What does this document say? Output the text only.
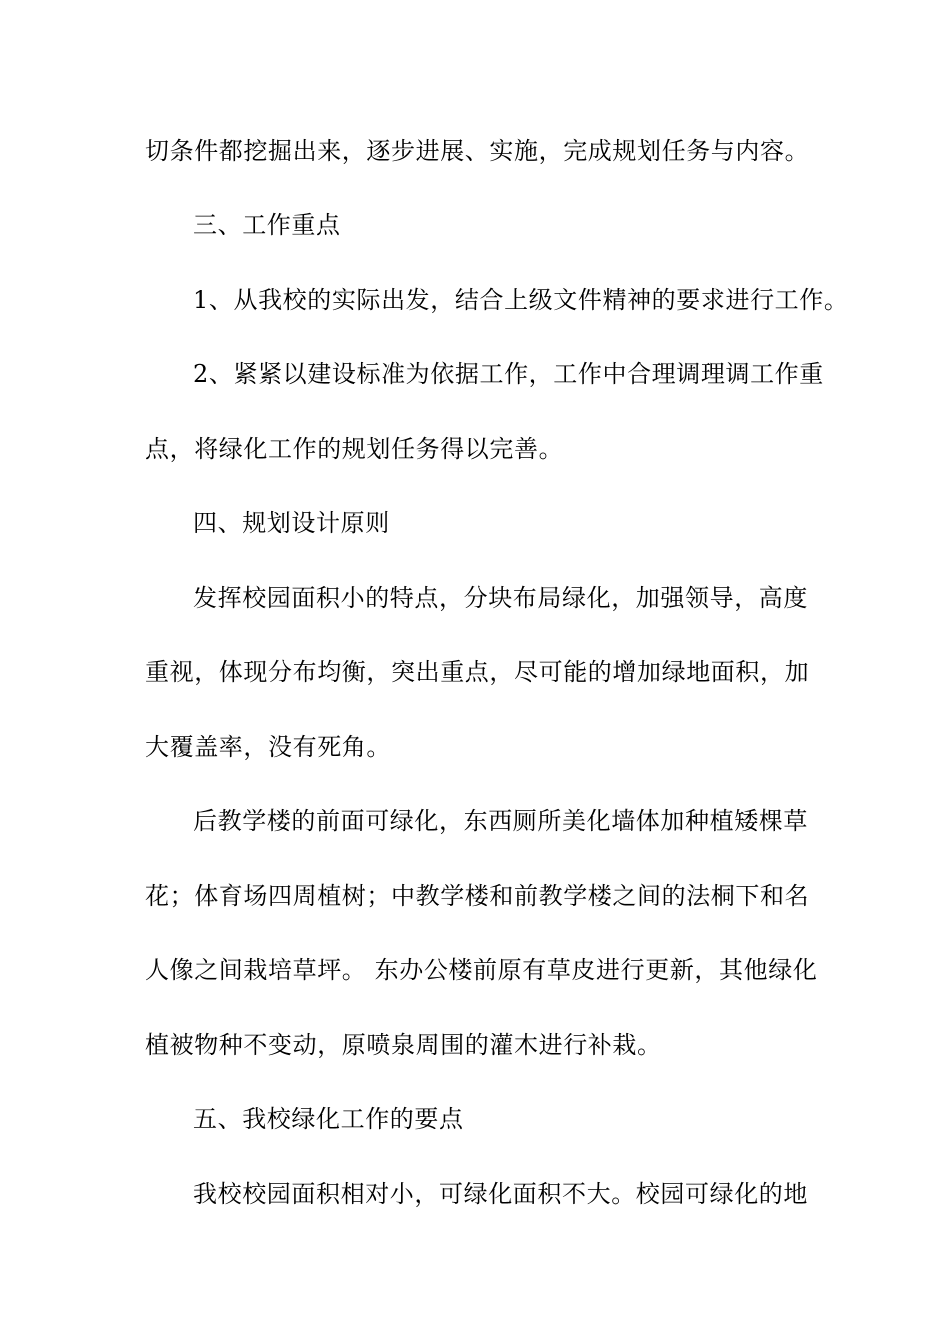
切条件都挖掘出来，逐步进展、实施，完成规划任务与内容。
三、工作重点
1、从我校的实际出发，结合上级文件精神的要求进行工作。
2、紧紧以建设标准为依据工作，工作中合理调理调工作重
点，将绿化工作的规划任务得以完善。
四、规划设计原则
发挥校园面积小的特点，分块布局绿化，加强领导，高度
重视，体现分布均衡，突出重点，尽可能的增加绿地面积，加
大覆盖率，没有死角。
后教学楼的前面可绿化，东西厕所美化墙体加种植矮棵草
花；体育场四周植树；中教学楼和前教学楼之间的法桐下和名
人像之间栽培草坪。 东办公楼前原有草皮进行更新，其他绿化
植被物种不变动，原喷泉周围的灌木进行补栽。
五、我校绿化工作的要点
我校校园面积相对小，可绿化面积不大。校园可绿化的地
